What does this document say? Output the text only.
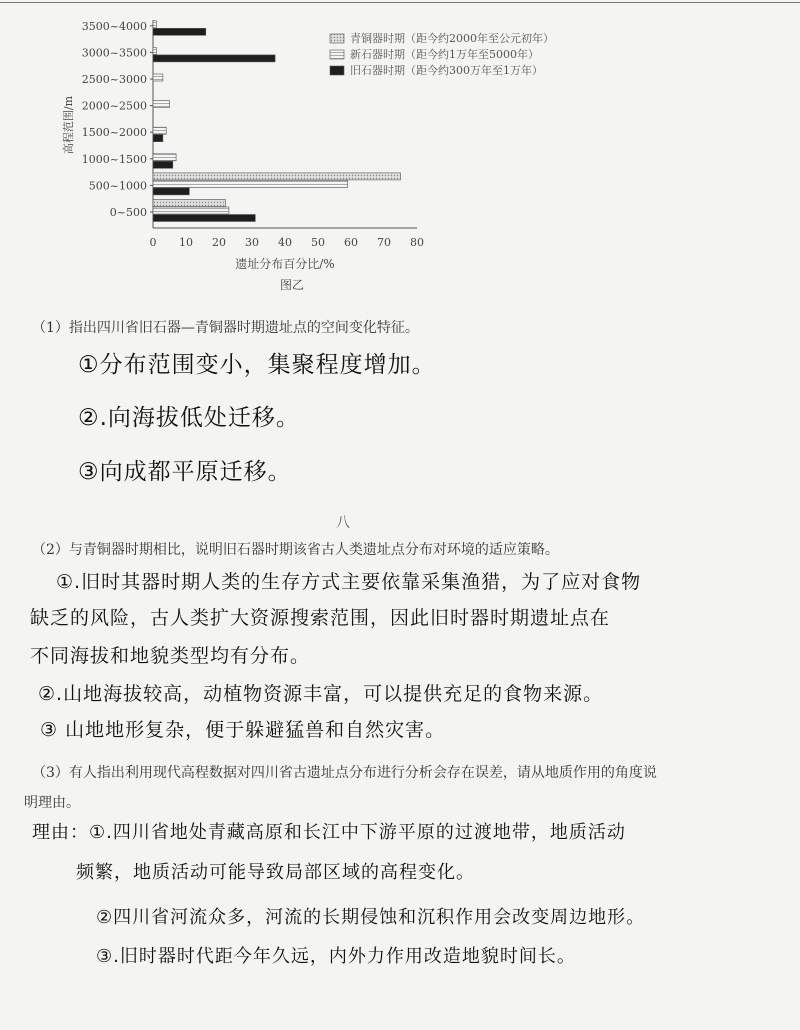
0~500
500~1000
1000~1500
1500~2000
2000~2500
2500~3000
3000~3500
3500~4000
0 10 20 30 40 50 60 70 80
高程范围/m
遗址分布百分比/%
图乙
青铜器时期（距今约2000年至公元初年）
新石器时期（距今约1万年至5000年）
旧石器时期（距今约300万年至1万年）
（1）指出四川省旧石器—青铜器时期遗址点的空间变化特征。
①分布范围变小，集聚程度增加。
②.向海拔低处迁移。
③向成都平原迁移。
八
（2）与青铜器时期相比，说明旧石器时期该省古人类遗址点分布对环境的适应策略。
①.旧时其器时期人类的生存方式主要依靠采集渔猎，为了应对食物
缺乏的风险，古人类扩大资源搜索范围，因此旧时器时期遗址点在
不同海拔和地貌类型均有分布。
②.山地海拔较高，动植物资源丰富，可以提供充足的食物来源。
③ 山地地形复杂，便于躲避猛兽和自然灾害。
（3）有人指出利用现代高程数据对四川省古遗址点分布进行分析会存在误差，请从地质作用的角度说
明理由。
理由：①.四川省地处青藏高原和长江中下游平原的过渡地带，地质活动
频繁，地质活动可能导致局部区域的高程变化。
②四川省河流众多，河流的长期侵蚀和沉积作用会改变周边地形。
③.旧时器时代距今年久远，内外力作用改造地貌时间长。
